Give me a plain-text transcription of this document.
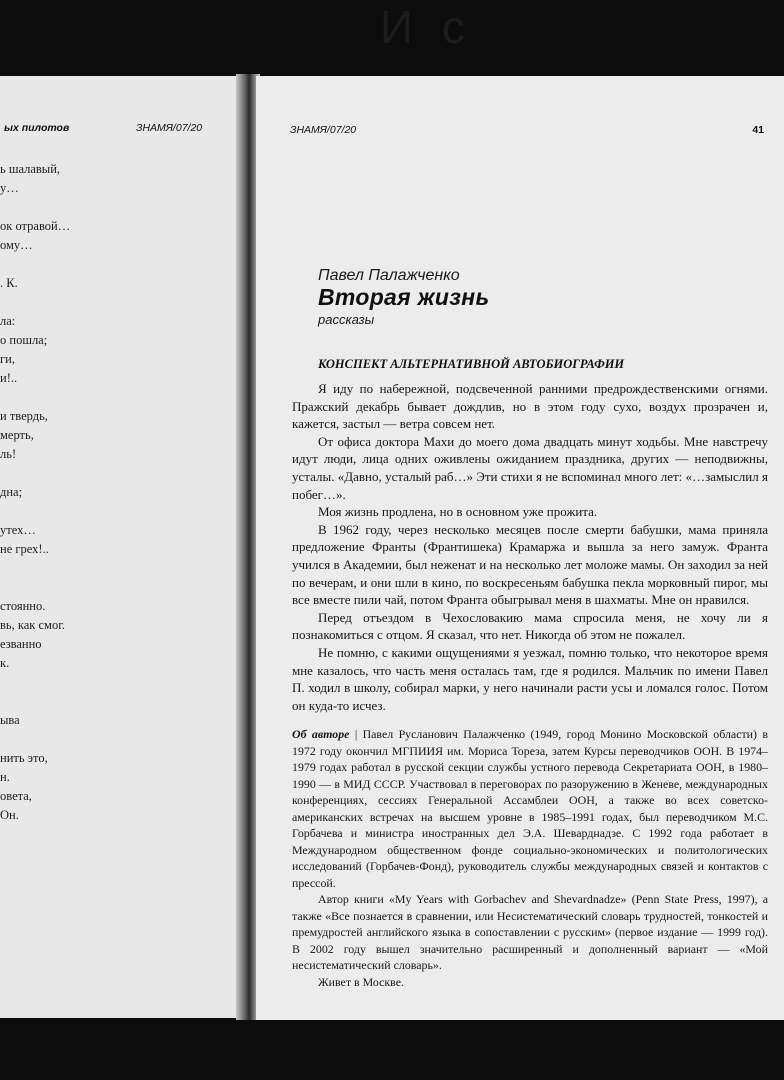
И с
ых пилотов	ЗНАМЯ/07/20
ь шалавый,
у…
ок отравой…
ому…
. К.
ла:
о пошла;
ги,
и!..
и твердь,
мерть,
ль!
дна;
утех…
не грех!..
стоянно.
вь, как смог.
езванно
к.
ыва
нить это,
н.
овета,
Он.
ЗНАМЯ/07/20	41
Павел Палажченко
Вторая жизнь
рассказы
КОНСПЕКТ АЛЬТЕРНАТИВНОЙ АВТОБИОГРАФИИ

Я иду по набережной, подсвеченной ранними предрождественскими огнями. Пражский декабрь бывает дождлив, но в этом году сухо, воздух прозрачен и, кажется, застыл — ветра совсем нет.

От офиса доктора Махи до моего дома двадцать минут ходьбы. Мне навстречу идут люди, лица одних оживлены ожиданием праздника, других — неподвижны, усталы. «Давно, усталый раб…» Эти стихи я не вспоминал много лет: «…замыслил я побег…».

Моя жизнь продлена, но в основном уже прожита.

В 1962 году, через несколько месяцев после смерти бабушки, мама приняла предложение Франты (Франтишека) Крамаржа и вышла за него замуж. Франта учился в Академии, был неженат и на несколько лет моложе мамы. Он заходил за ней по вечерам, и они шли в кино, по воскресеньям бабушка пекла морковный пирог, мы все вместе пили чай, потом Франта обыгрывал меня в шахматы. Мне он нравился.

Перед отъездом в Чехословакию мама спросила меня, не хочу ли я познакомиться с отцом. Я сказал, что нет. Никогда об этом не пожалел.

Не помню, с какими ощущениями я уезжал, помню только, что некоторое время мне казалось, что часть меня осталась там, где я родился. Мальчик по имени Павел П. ходил в школу, собирал марки, у него начинали расти усы и ломался голос. Потом он куда-то исчез.

Об авторе | Павел Русланович Палажченко (1949, город Монино Московской области) в 1972 году окончил МГПИИЯ им. Мориса Тореза, затем Курсы переводчиков ООН. В 1974–1979 годах работал в русской секции службы устного перевода Секретариата ООН, в 1980–1990 — в МИД СССР. Участвовал в переговорах по разоружению в Женеве, международных конференциях, сессиях Генеральной Ассамблеи ООН, а также во всех советско-американских встречах на высшем уровне в 1985–1991 годах, был переводчиком М.С. Горбачева и министра иностранных дел Э.А. Шеварднадзе. С 1992 года работает в Международном общественном фонде социально-экономических и политологических исследований (Горбачев-Фонд), руководитель службы международных связей и контактов с прессой.

Автор книги «My Years with Gorbachev and Shevardnadze» (Penn State Press, 1997), а также «Все познается в сравнении, или Несистематический словарь трудностей, тонкостей и премудростей английского языка в сопоставлении с русским» (первое издание — 1999 год). В 2002 году вышел значительно расширенный и дополненный вариант — «Мой несистематический словарь».

Живет в Москве.
